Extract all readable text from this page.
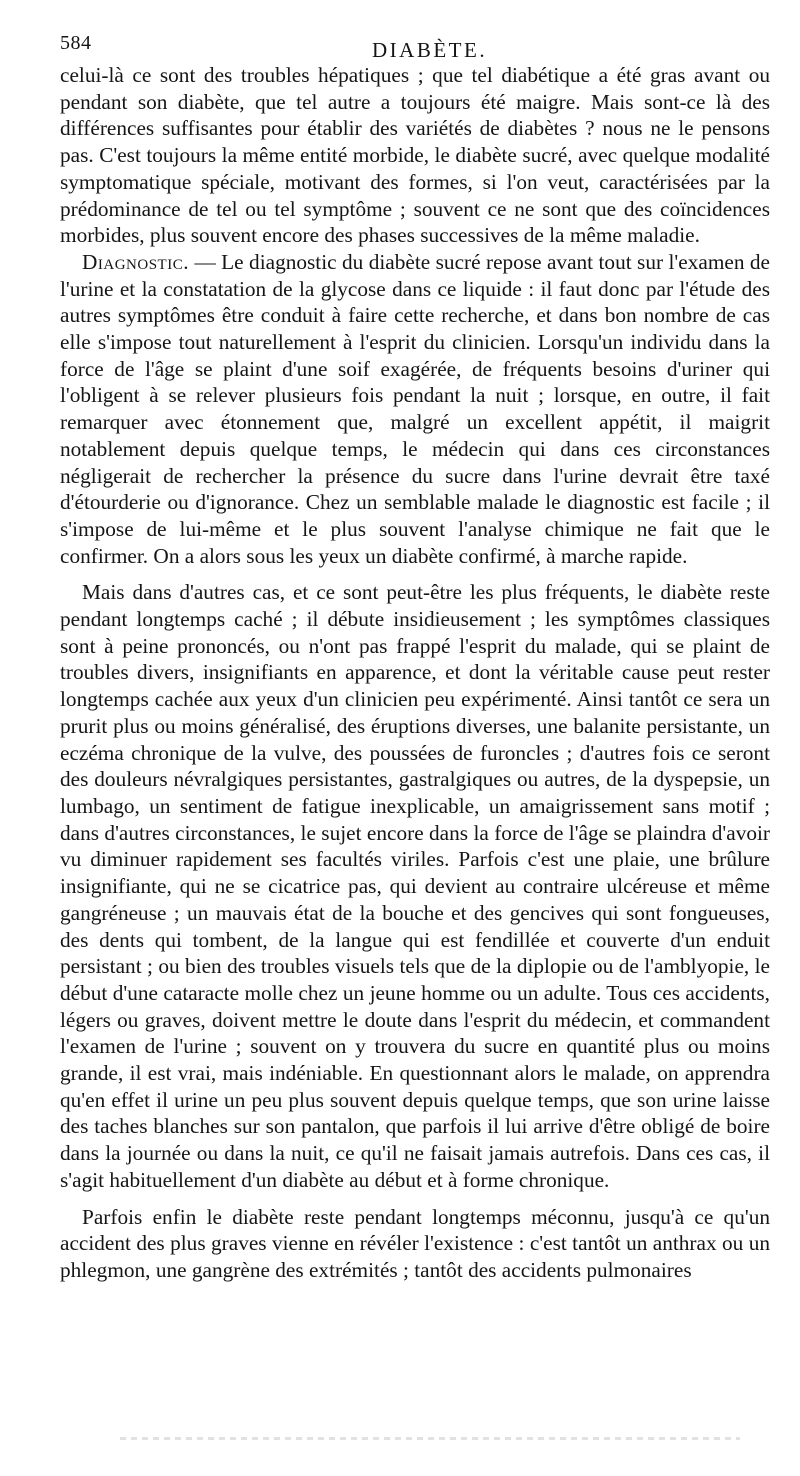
584	DIABÈTE.

celui-là ce sont des troubles hépatiques ; que tel diabétique a été gras avant ou pendant son diabète, que tel autre a toujours été maigre. Mais sont-ce là des différences suffisantes pour établir des variétés de diabètes ? nous ne le pensons pas. C'est toujours la même entité morbide, le diabète sucré, avec quelque modalité symptomatique spéciale, motivant des formes, si l'on veut, caractérisées par la prédominance de tel ou tel symptôme ; souvent ce ne sont que des coïncidences morbides, plus souvent encore des phases successives de la même maladie.

Diagnostic. — Le diagnostic du diabète sucré repose avant tout sur l'examen de l'urine et la constatation de la glycose dans ce liquide : il faut donc par l'étude des autres symptômes être conduit à faire cette recherche, et dans bon nombre de cas elle s'impose tout naturellement à l'esprit du clinicien. Lorsqu'un individu dans la force de l'âge se plaint d'une soif exagérée, de fréquents besoins d'uriner qui l'obligent à se relever plusieurs fois pendant la nuit ; lorsque, en outre, il fait remarquer avec étonnement que, malgré un excellent appétit, il maigrit notablement depuis quelque temps, le médecin qui dans ces circonstances négligerait de rechercher la présence du sucre dans l'urine devrait être taxé d'étourderie ou d'ignorance. Chez un semblable malade le diagnostic est facile ; il s'impose de lui-même et le plus souvent l'analyse chimique ne fait que le confirmer. On a alors sous les yeux un diabète confirmé, à marche rapide.

Mais dans d'autres cas, et ce sont peut-être les plus fréquents, le diabète reste pendant longtemps caché ; il débute insidieusement ; les symptômes classiques sont à peine prononcés, ou n'ont pas frappé l'esprit du malade, qui se plaint de troubles divers, insignifiants en apparence, et dont la véritable cause peut rester longtemps cachée aux yeux d'un clinicien peu expérimenté. Ainsi tantôt ce sera un prurit plus ou moins généralisé, des éruptions diverses, une balanite persistante, un eczéma chronique de la vulve, des poussées de furoncles ; d'autres fois ce seront des douleurs névralgiques persistantes, gastralgiques ou autres, de la dyspepsie, un lumbago, un sentiment de fatigue inexplicable, un amaigrissement sans motif ; dans d'autres circonstances, le sujet encore dans la force de l'âge se plaindra d'avoir vu diminuer rapidement ses facultés viriles. Parfois c'est une plaie, une brûlure insignifiante, qui ne se cicatrice pas, qui devient au contraire ulcéreuse et même gangréneuse ; un mauvais état de la bouche et des gencives qui sont fongueuses, des dents qui tombent, de la langue qui est fendillée et couverte d'un enduit persistant ; ou bien des troubles visuels tels que de la diplopie ou de l'amblyopie, le début d'une cataracte molle chez un jeune homme ou un adulte. Tous ces accidents, légers ou graves, doivent mettre le doute dans l'esprit du médecin, et commandent l'examen de l'urine ; souvent on y trouvera du sucre en quantité plus ou moins grande, il est vrai, mais indéniable. En questionnant alors le malade, on apprendra qu'en effet il urine un peu plus souvent depuis quelque temps, que son urine laisse des taches blanches sur son pantalon, que parfois il lui arrive d'être obligé de boire dans la journée ou dans la nuit, ce qu'il ne faisait jamais autrefois. Dans ces cas, il s'agit habituellement d'un diabète au début et à forme chronique.

Parfois enfin le diabète reste pendant longtemps méconnu, jusqu'à ce qu'un accident des plus graves vienne en révéler l'existence : c'est tantôt un anthrax ou un phlegmon, une gangrène des extrémités ; tantôt des accidents pulmonaires
